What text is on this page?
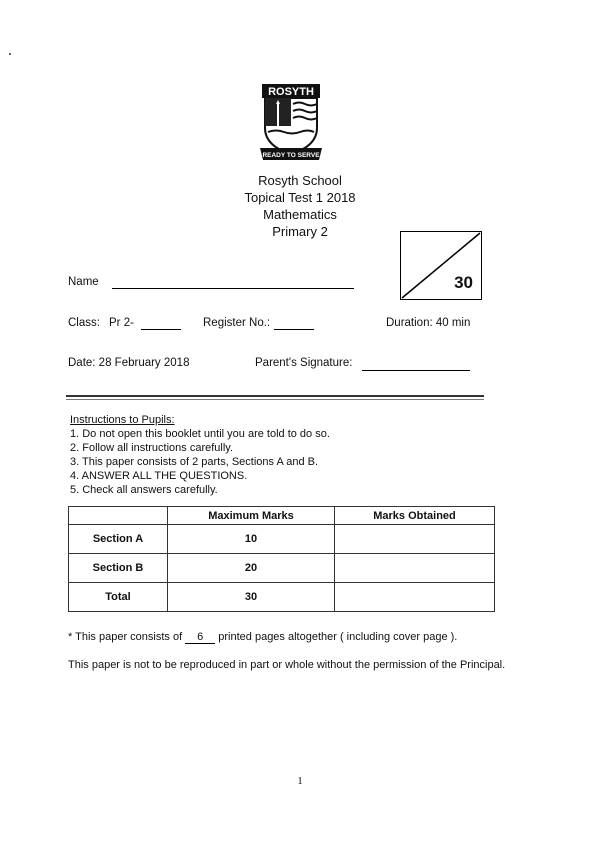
ROSYTH
READY TO SERVE
Rosyth School
Topical Test 1 2018
Mathematics
Primary 2
30
Name
Class: Pr 2-	Register No.:	Duration: 40 min
Date: 28 February 2018	Parent's Signature:
Instructions to Pupils:
1. Do not open this booklet until you are told to do so.
2. Follow all instructions carefully.
3. This paper consists of 2 parts, Sections A and B.
4. ANSWER ALL THE QUESTIONS.
5. Check all answers carefully.
	Maximum Marks	Marks Obtained
Section A	10	
Section B	20	
Total	30	
* This paper consists of 6 printed pages altogether ( including cover page ).
This paper is not to be reproduced in part or whole without the permission of the Principal.
1
